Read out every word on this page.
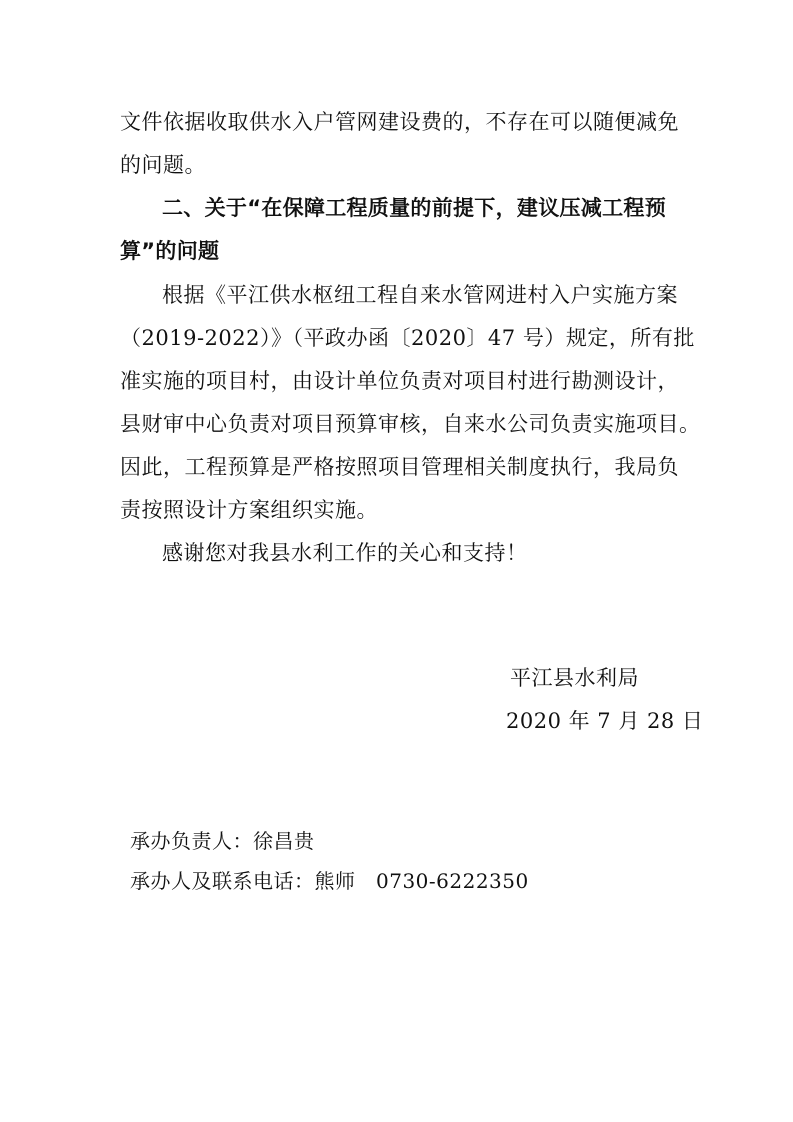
文件依据收取供水入户管网建设费的，不存在可以随便减免
的问题。
二、关于“在保障工程质量的前提下，建议压减工程预
算”的问题
根据《平江供水枢纽工程自来水管网进村入户实施方案
（2019-2022）》（平政办函〔2020〕47 号）规定，所有批
准实施的项目村，由设计单位负责对项目村进行勘测设计，
县财审中心负责对项目预算审核，自来水公司负责实施项目。
因此，工程预算是严格按照项目管理相关制度执行，我局负
责按照设计方案组织实施。
感谢您对我县水利工作的关心和支持！
平江县水利局
2020 年 7 月 28 日
承办负责人：徐昌贵
承办人及联系电话：熊师　0730-6222350
